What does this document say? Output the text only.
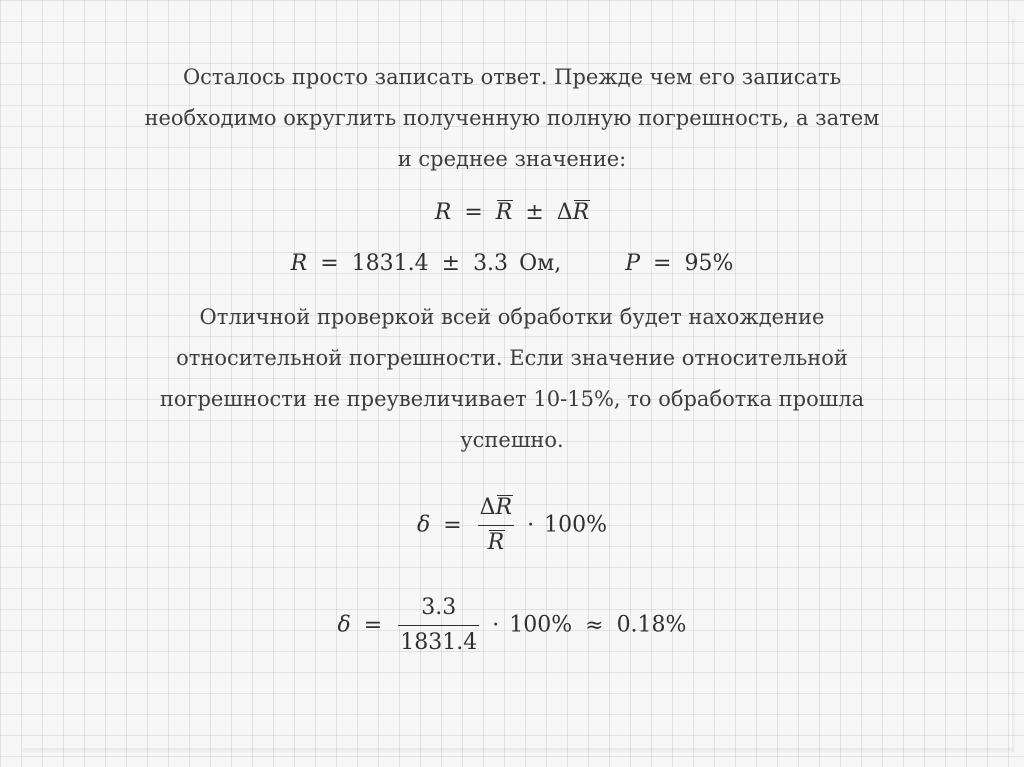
Осталось просто записать ответ. Прежде чем его записать
необходимо округлить полученную полную погрешность, а затем
и среднее значение:

R = R ± ΔR
R = 1831.4 ± 3.3 Ом,	P = 95%

Отличной проверкой всей обработки будет нахождение
относительной погрешности. Если значение относительной
погрешности не преувеличивает 10-15%, то обработка прошла
успешно.

$\delta = \frac{\Delta R}{R} \cdot 100\%$
$\delta = \frac{3.3}{1831.4} \cdot 100\% \approx 0.18\%$
